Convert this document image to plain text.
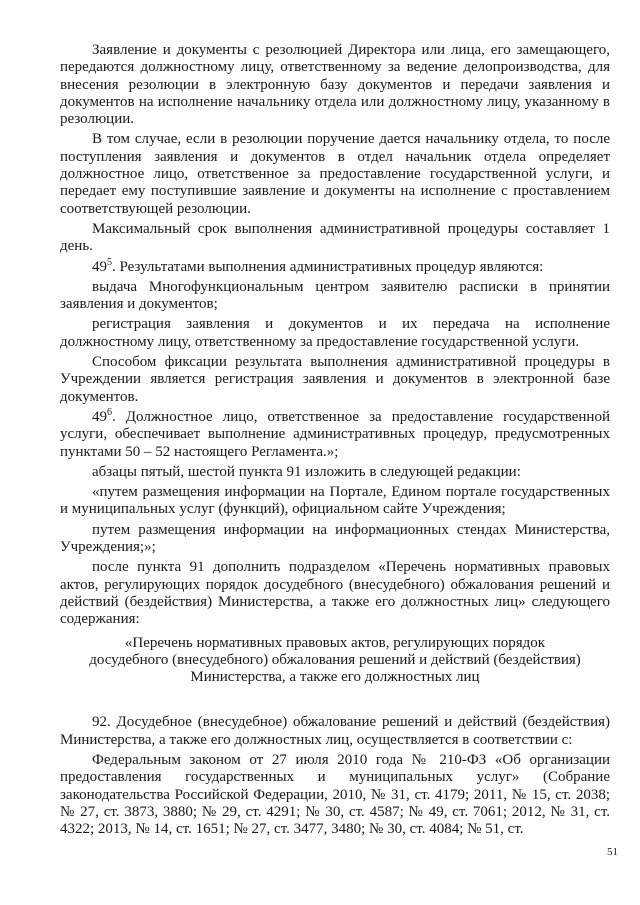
Заявление и документы с резолюцией Директора или лица, его замещающего, передаются должностному лицу, ответственному за ведение делопроизводства, для внесения резолюции в электронную базу документов и передачи заявления и документов на исполнение начальнику отдела или должностному лицу, указанному в резолюции.

В том случае, если в резолюции поручение дается начальнику отдела, то после поступления заявления и документов в отдел начальник отдела определяет должностное лицо, ответственное за предоставление государственной услуги, и передает ему поступившие заявление и документы на исполнение с проставлением соответствующей резолюции.

Максимальный срок выполнения административной процедуры составляет 1 день.

$49^5$. Результатами выполнения административных процедур являются:

выдача Многофункциональным центром заявителю расписки в принятии заявления и документов;

регистрация заявления и документов и их передача на исполнение должностному лицу, ответственному за предоставление государственной услуги.

Способом фиксации результата выполнения административной процедуры в Учреждении является регистрация заявления и документов в электронной базе документов.

$49^6$. Должностное лицо, ответственное за предоставление государственной услуги, обеспечивает выполнение административных процедур, предусмотренных пунктами 50 – 52 настоящего Регламента.»;

абзацы пятый, шестой пункта 91 изложить в следующей редакции:

«путем размещения информации на Портале, Едином портале государственных и муниципальных услуг (функций), официальном сайте Учреждения;

путем размещения информации на информационных стендах Министерства, Учреждения;»;

после пункта 91 дополнить подразделом «Перечень нормативных правовых актов, регулирующих порядок досудебного (внесудебного) обжалования решений и действий (бездействия) Министерства, а также его должностных лиц» следующего содержания:

«Перечень нормативных правовых актов, регулирующих порядок
досудебного (внесудебного) обжалования решений и действий (бездействия)
Министерства, а также его должностных лиц

92. Досудебное (внесудебное) обжалование решений и действий (бездействия) Министерства, а также его должностных лиц, осуществляется в соответствии с:

Федеральным законом от 27 июля 2010 года № 210-ФЗ «Об организации предоставления государственных и муниципальных услуг» (Собрание законодательства Российской Федерации, 2010, № 31, ст. 4179; 2011, № 15, ст. 2038; № 27, ст. 3873, 3880; № 29, ст. 4291; № 30, ст. 4587; № 49, ст. 7061; 2012, № 31, ст. 4322; 2013, № 14, ст. 1651; № 27, ст. 3477, 3480; № 30, ст. 4084; № 51, ст.

51
